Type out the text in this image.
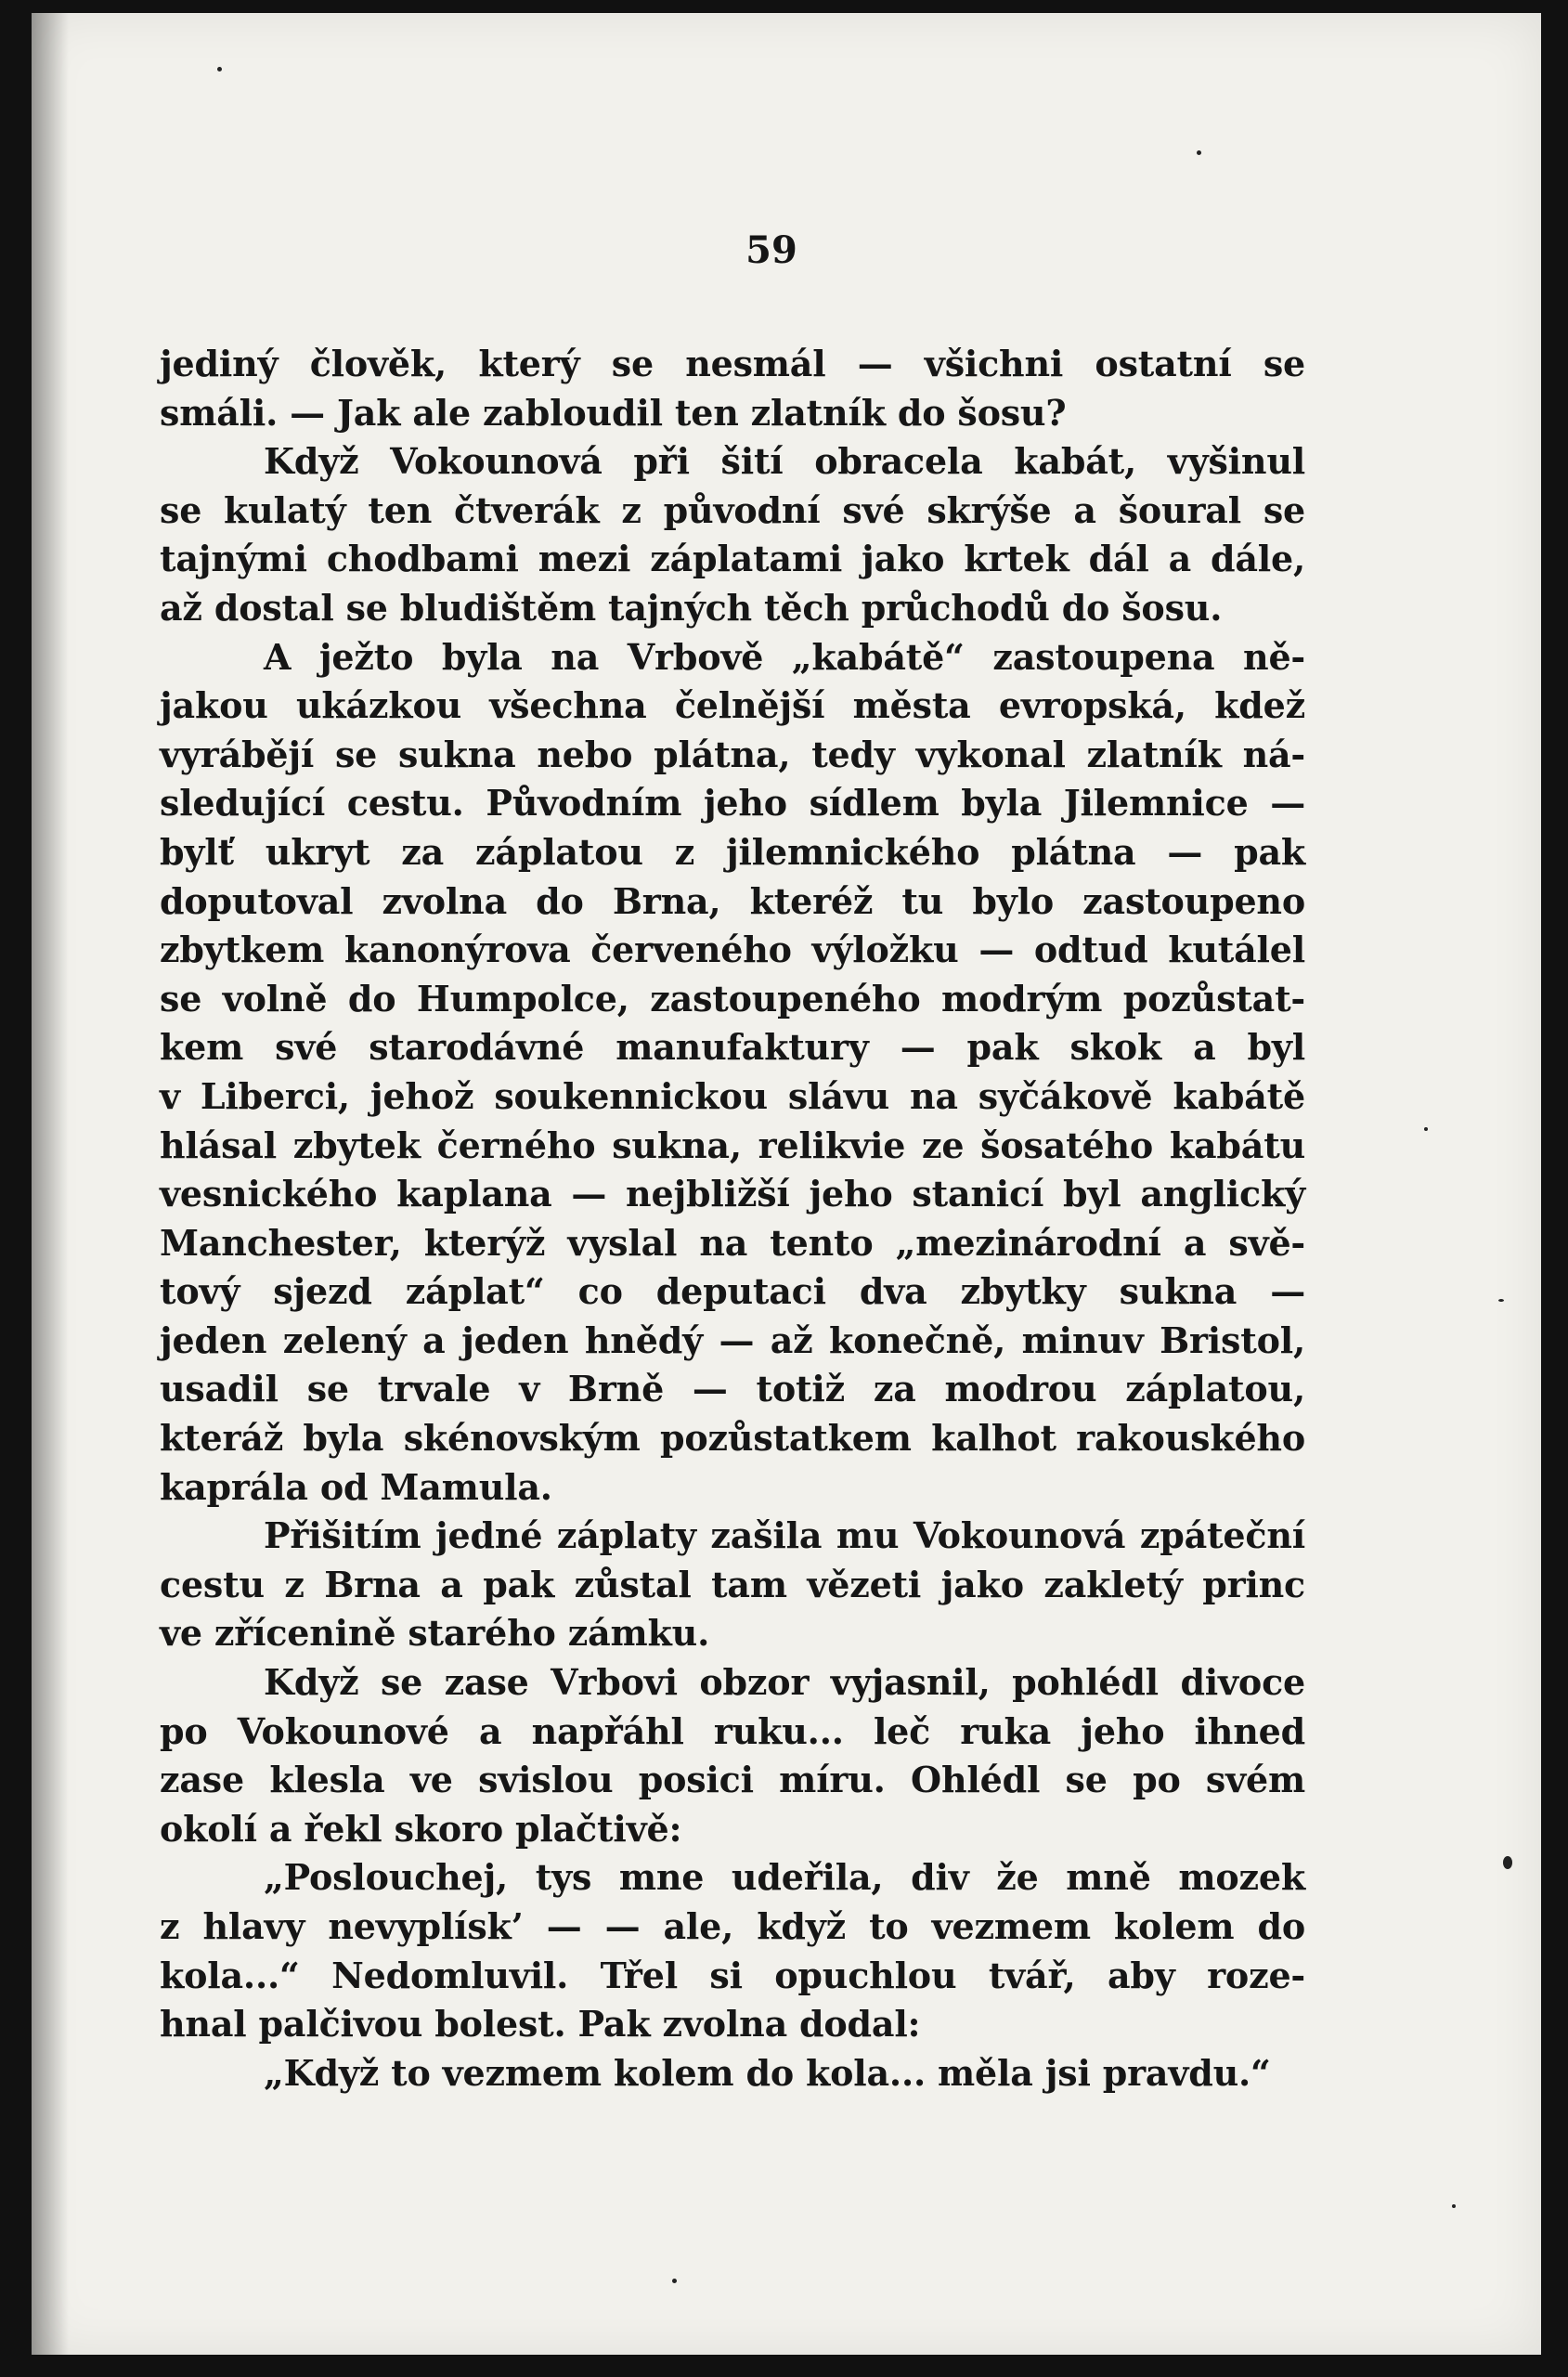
59
jediný člověk, který se nesmál — všichni ostatní se
smáli. — Jak ale zabloudil ten zlatník do šosu?
Když Vokounová při šití obracela kabát, vyšinul
se kulatý ten čtverák z původní své skrýše a šoural se
tajnými chodbami mezi záplatami jako krtek dál a dále,
až dostal se bludištěm tajných těch průchodů do šosu.
A ježto byla na Vrbově „kabátě“ zastoupena ně-
jakou ukázkou všechna čelnější města evropská, kdež
vyrábějí se sukna nebo plátna, tedy vykonal zlatník ná-
sledující cestu. Původním jeho sídlem byla Jilemnice —
bylť ukryt za záplatou z jilemnického plátna — pak
doputoval zvolna do Brna, kteréž tu bylo zastoupeno
zbytkem kanonýrova červeného výložku — odtud kutálel
se volně do Humpolce, zastoupeného modrým pozůstat-
kem své starodávné manufaktury — pak skok a byl
v Liberci, jehož soukennickou slávu na syčákově kabátě
hlásal zbytek černého sukna, relikvie ze šosatého kabátu
vesnického kaplana — nejbližší jeho stanicí byl anglický
Manchester, kterýž vyslal na tento „mezinárodní a svě-
tový sjezd záplat“ co deputaci dva zbytky sukna —
jeden zelený a jeden hnědý — až konečně, minuv Bristol,
usadil se trvale v Brně — totiž za modrou záplatou,
kteráž byla skénovským pozůstatkem kalhot rakouského
kaprála od Mamula.
Přišitím jedné záplaty zašila mu Vokounová zpáteční
cestu z Brna a pak zůstal tam vězeti jako zakletý princ
ve zřícenině starého zámku.
Když se zase Vrbovi obzor vyjasnil, pohlédl divoce
po Vokounové a napřáhl ruku... leč ruka jeho ihned
zase klesla ve svislou posici míru. Ohlédl se po svém
okolí a řekl skoro plačtivě:
„Poslouchej, tys mne udeřila, div že mně mozek
z hlavy nevyplísk’ — — ale, když to vezmem kolem do
kola...“ Nedomluvil. Třel si opuchlou tvář, aby roze-
hnal palčivou bolest. Pak zvolna dodal:
„Když to vezmem kolem do kola... měla jsi pravdu.“
